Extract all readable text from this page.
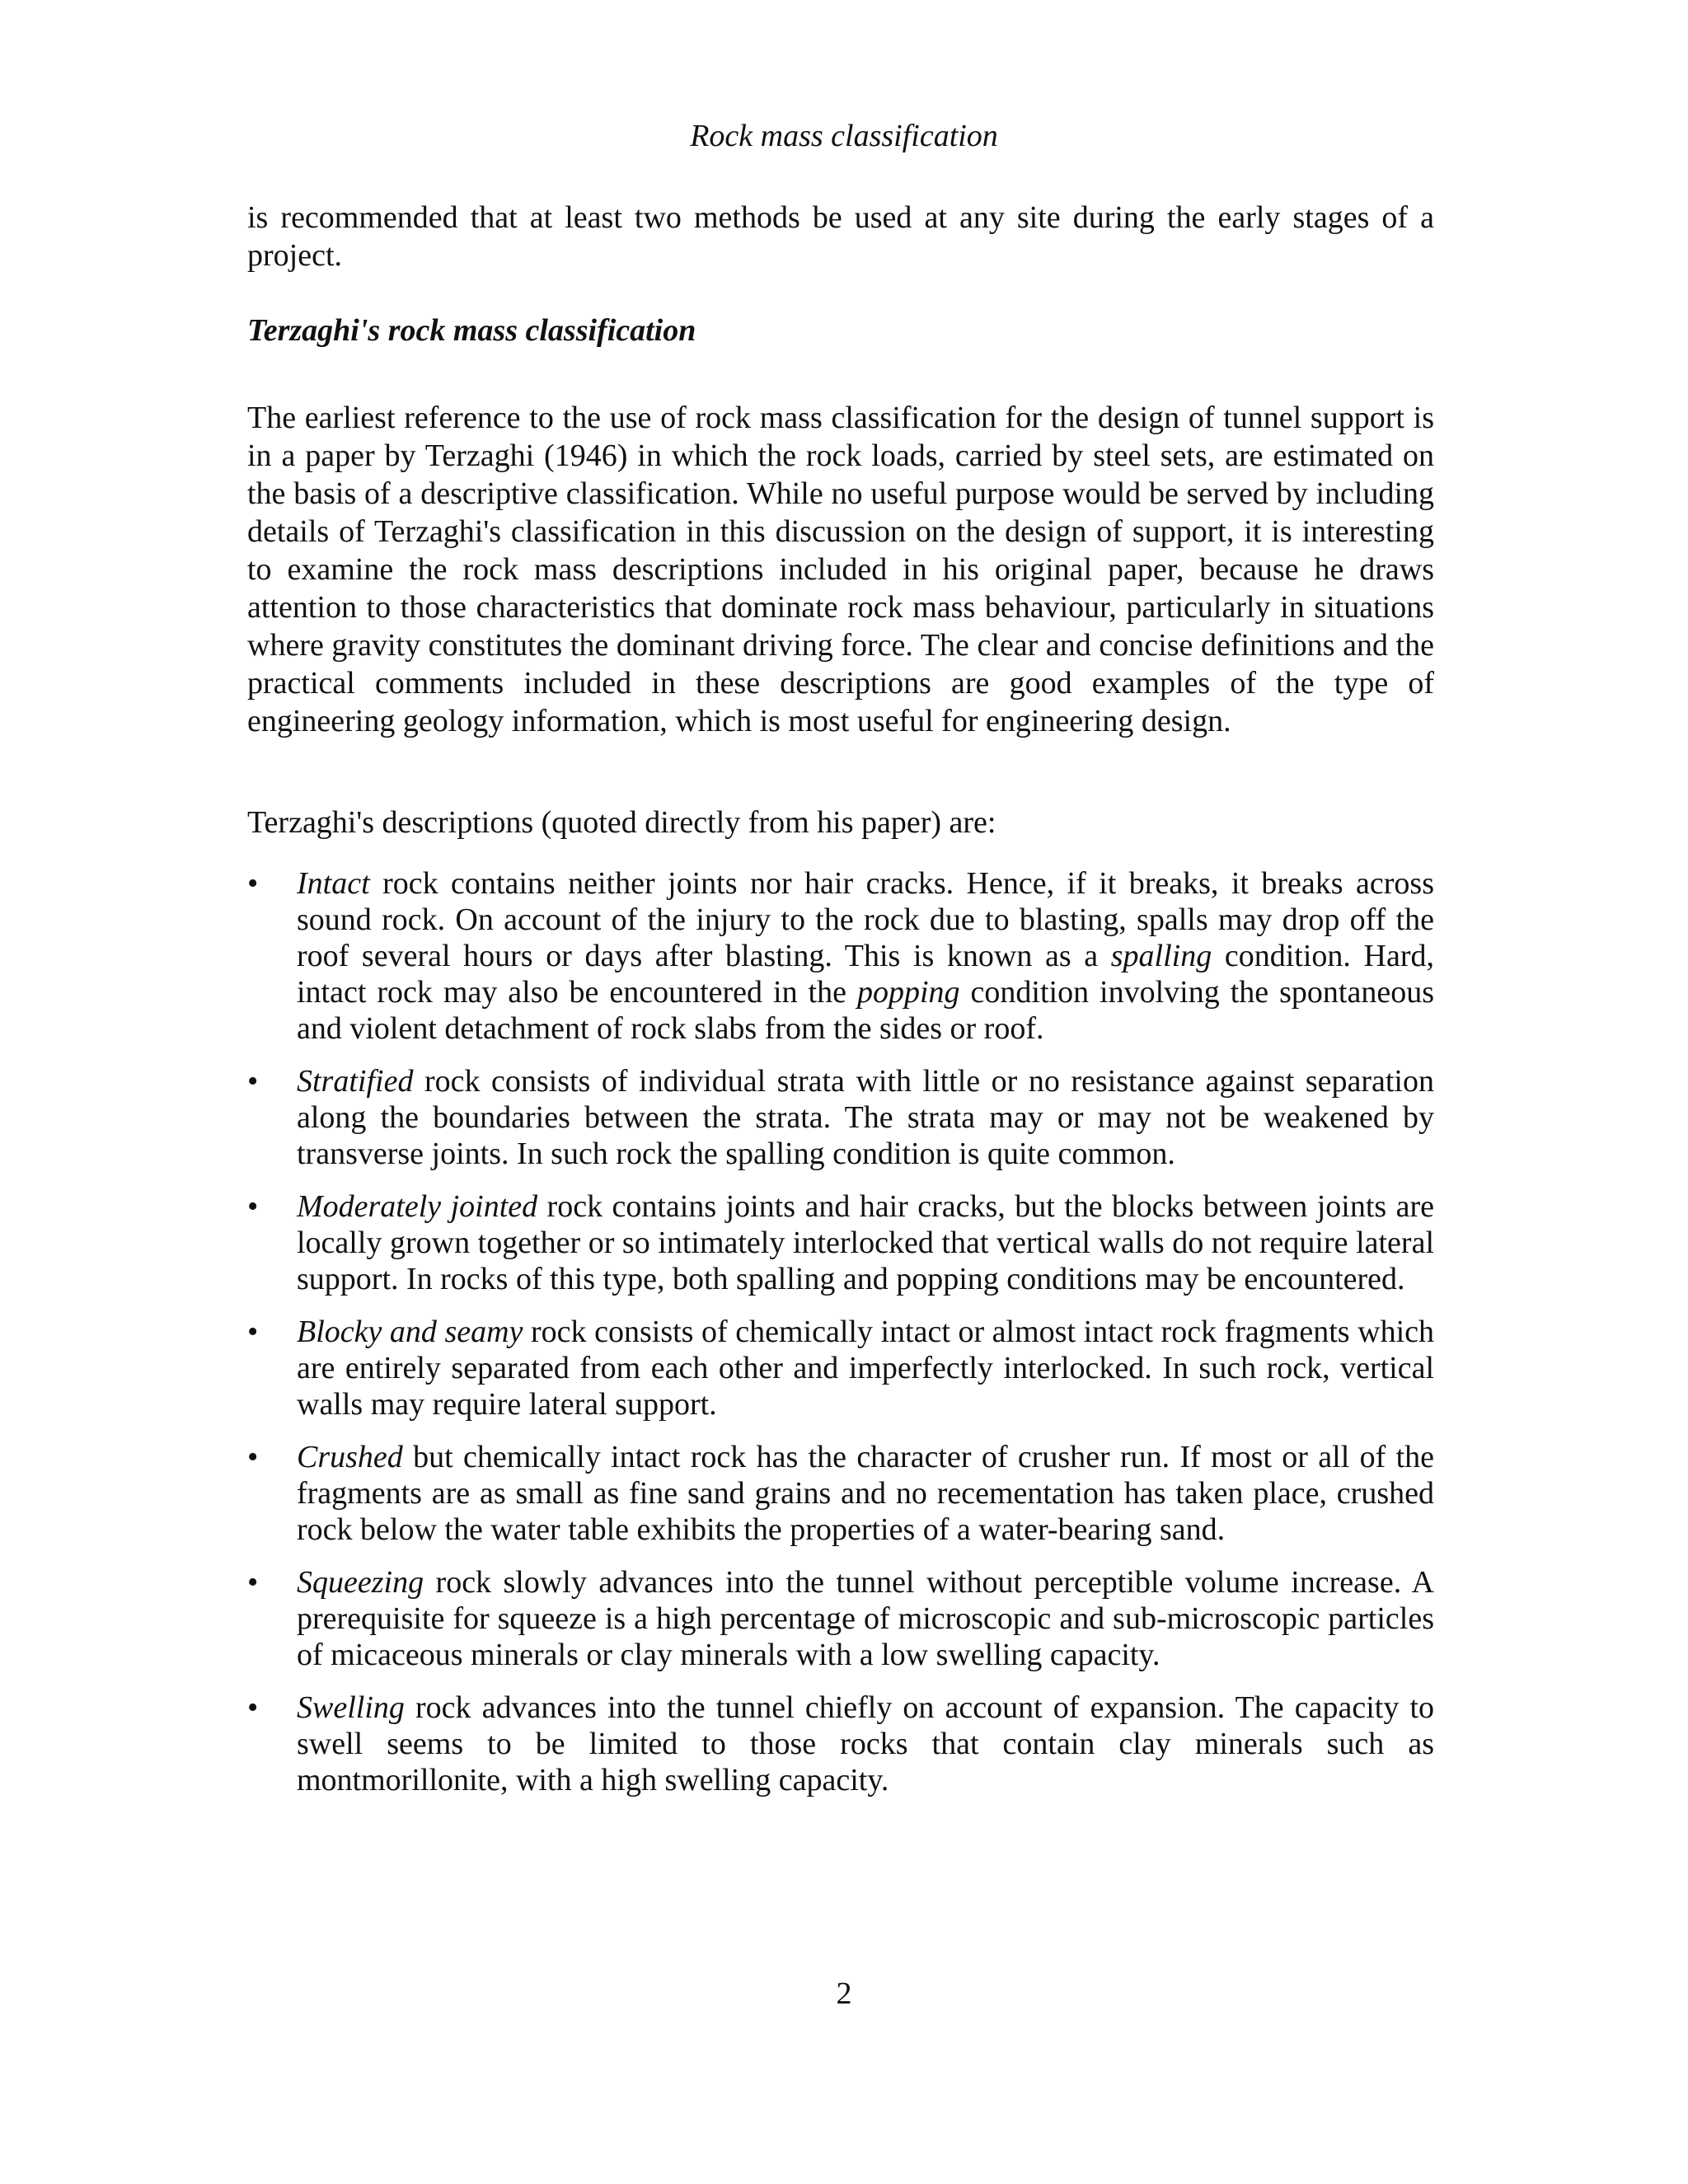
Rock mass classification

is recommended that at least two methods be used at any site during the early stages of a project.

Terzaghi's rock mass classification

The earliest reference to the use of rock mass classification for the design of tunnel support is in a paper by Terzaghi (1946) in which the rock loads, carried by steel sets, are estimated on the basis of a descriptive classification. While no useful purpose would be served by including details of Terzaghi's classification in this discussion on the design of support, it is interesting to examine the rock mass descriptions included in his original paper, because he draws attention to those characteristics that dominate rock mass behaviour, particularly in situations where gravity constitutes the dominant driving force. The clear and concise definitions and the practical comments included in these descriptions are good examples of the type of engineering geology information, which is most useful for engineering design.

Terzaghi's descriptions (quoted directly from his paper) are:

•	Intact rock contains neither joints nor hair cracks. Hence, if it breaks, it breaks across sound rock. On account of the injury to the rock due to blasting, spalls may drop off the roof several hours or days after blasting. This is known as a spalling condition. Hard, intact rock may also be encountered in the popping condition involving the spontaneous and violent detachment of rock slabs from the sides or roof.
•	Stratified rock consists of individual strata with little or no resistance against separation along the boundaries between the strata. The strata may or may not be weakened by transverse joints. In such rock the spalling condition is quite common.
•	Moderately jointed rock contains joints and hair cracks, but the blocks between joints are locally grown together or so intimately interlocked that vertical walls do not require lateral support. In rocks of this type, both spalling and popping conditions may be encountered.
•	Blocky and seamy rock consists of chemically intact or almost intact rock fragments which are entirely separated from each other and imperfectly interlocked. In such rock, vertical walls may require lateral support.
•	Crushed but chemically intact rock has the character of crusher run. If most or all of the fragments are as small as fine sand grains and no recementation has taken place, crushed rock below the water table exhibits the properties of a water-bearing sand.
•	Squeezing rock slowly advances into the tunnel without perceptible volume increase. A prerequisite for squeeze is a high percentage of microscopic and sub-microscopic particles of micaceous minerals or clay minerals with a low swelling capacity.
•	Swelling rock advances into the tunnel chiefly on account of expansion. The capacity to swell seems to be limited to those rocks that contain clay minerals such as montmorillonite, with a high swelling capacity.
2
